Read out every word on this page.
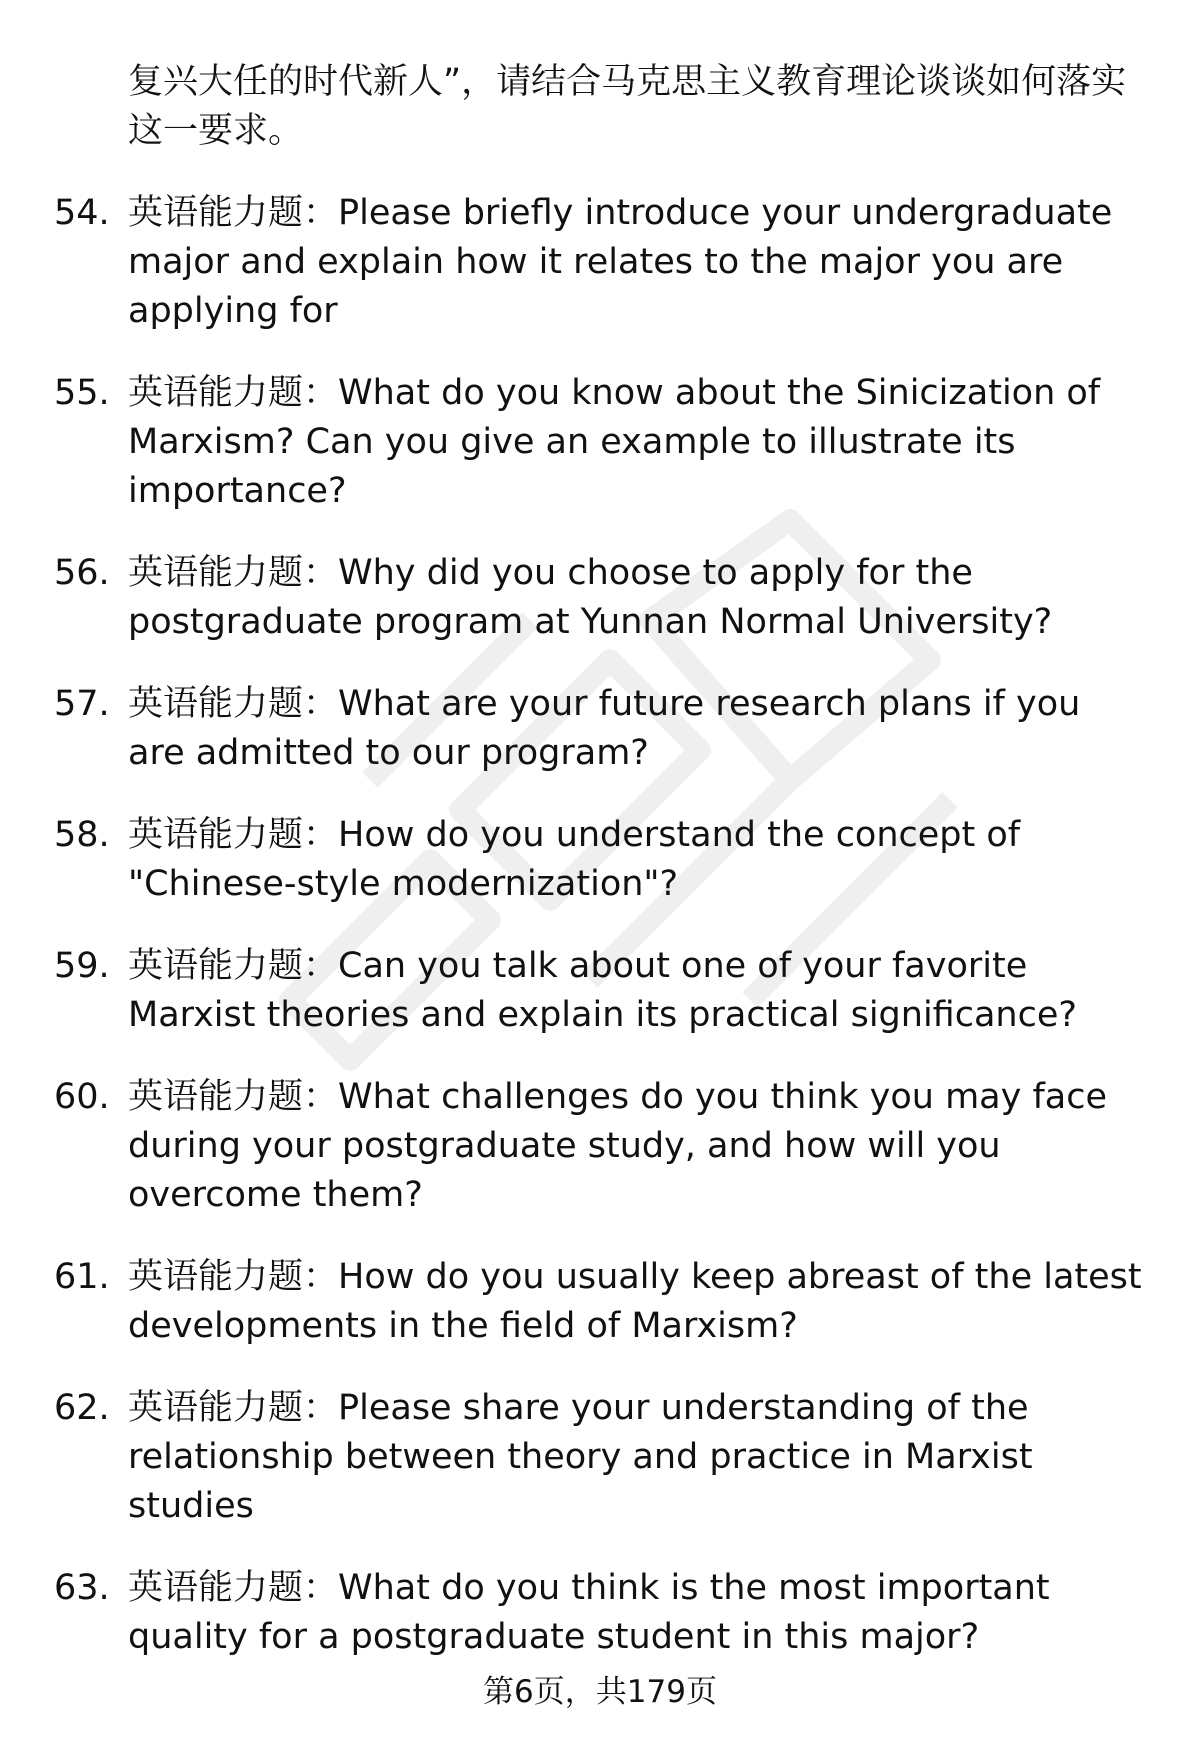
复兴大任的时代新人”，请结合马克思主义教育理论谈谈如何落实这一要求。
54. 英语能力题：Please briefly introduce your undergraduate major and explain how it relates to the major you are applying for
55. 英语能力题：What do you know about the Sinicization of Marxism? Can you give an example to illustrate its importance?
56. 英语能力题：Why did you choose to apply for the postgraduate program at Yunnan Normal University?
57. 英语能力题：What are your future research plans if you are admitted to our program?
58. 英语能力题：How do you understand the concept of "Chinese-style modernization"?
59. 英语能力题：Can you talk about one of your favorite Marxist theories and explain its practical significance?
60. 英语能力题：What challenges do you think you may face during your postgraduate study, and how will you overcome them?
61. 英语能力题：How do you usually keep abreast of the latest developments in the field of Marxism?
62. 英语能力题：Please share your understanding of the relationship between theory and practice in Marxist studies
63. 英语能力题：What do you think is the most important quality for a postgraduate student in this major?
第6页，共179页
